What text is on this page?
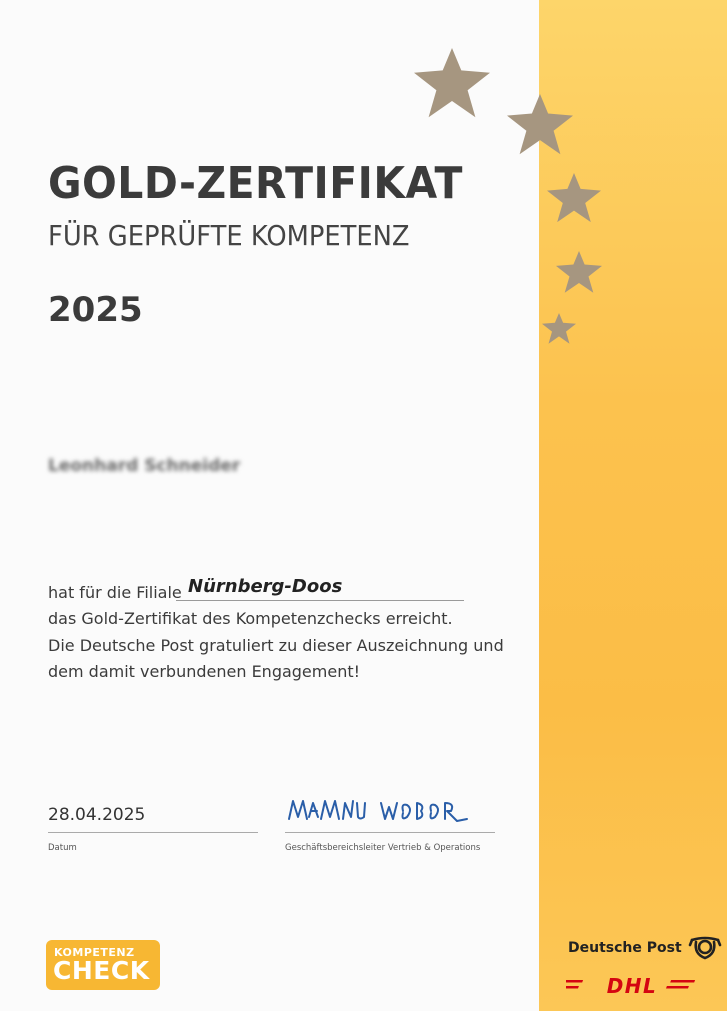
GOLD-ZERTIFIKAT
FÜR GEPRÜFTE KOMPETENZ
2025
Leonhard Schneider
hat für die Filiale Nürnberg-Doos

das Gold-Zertifikat des Kompetenzchecks erreicht.

Die Deutsche Post gratuliert zu dieser Auszeichnung und

dem damit verbundenen Engagement!

28.04.2025
Datum	Geschäftsbereichsleiter Vertrieb & Operations
KOMPETENZ
CHECK
Deutsche Post
DHL
